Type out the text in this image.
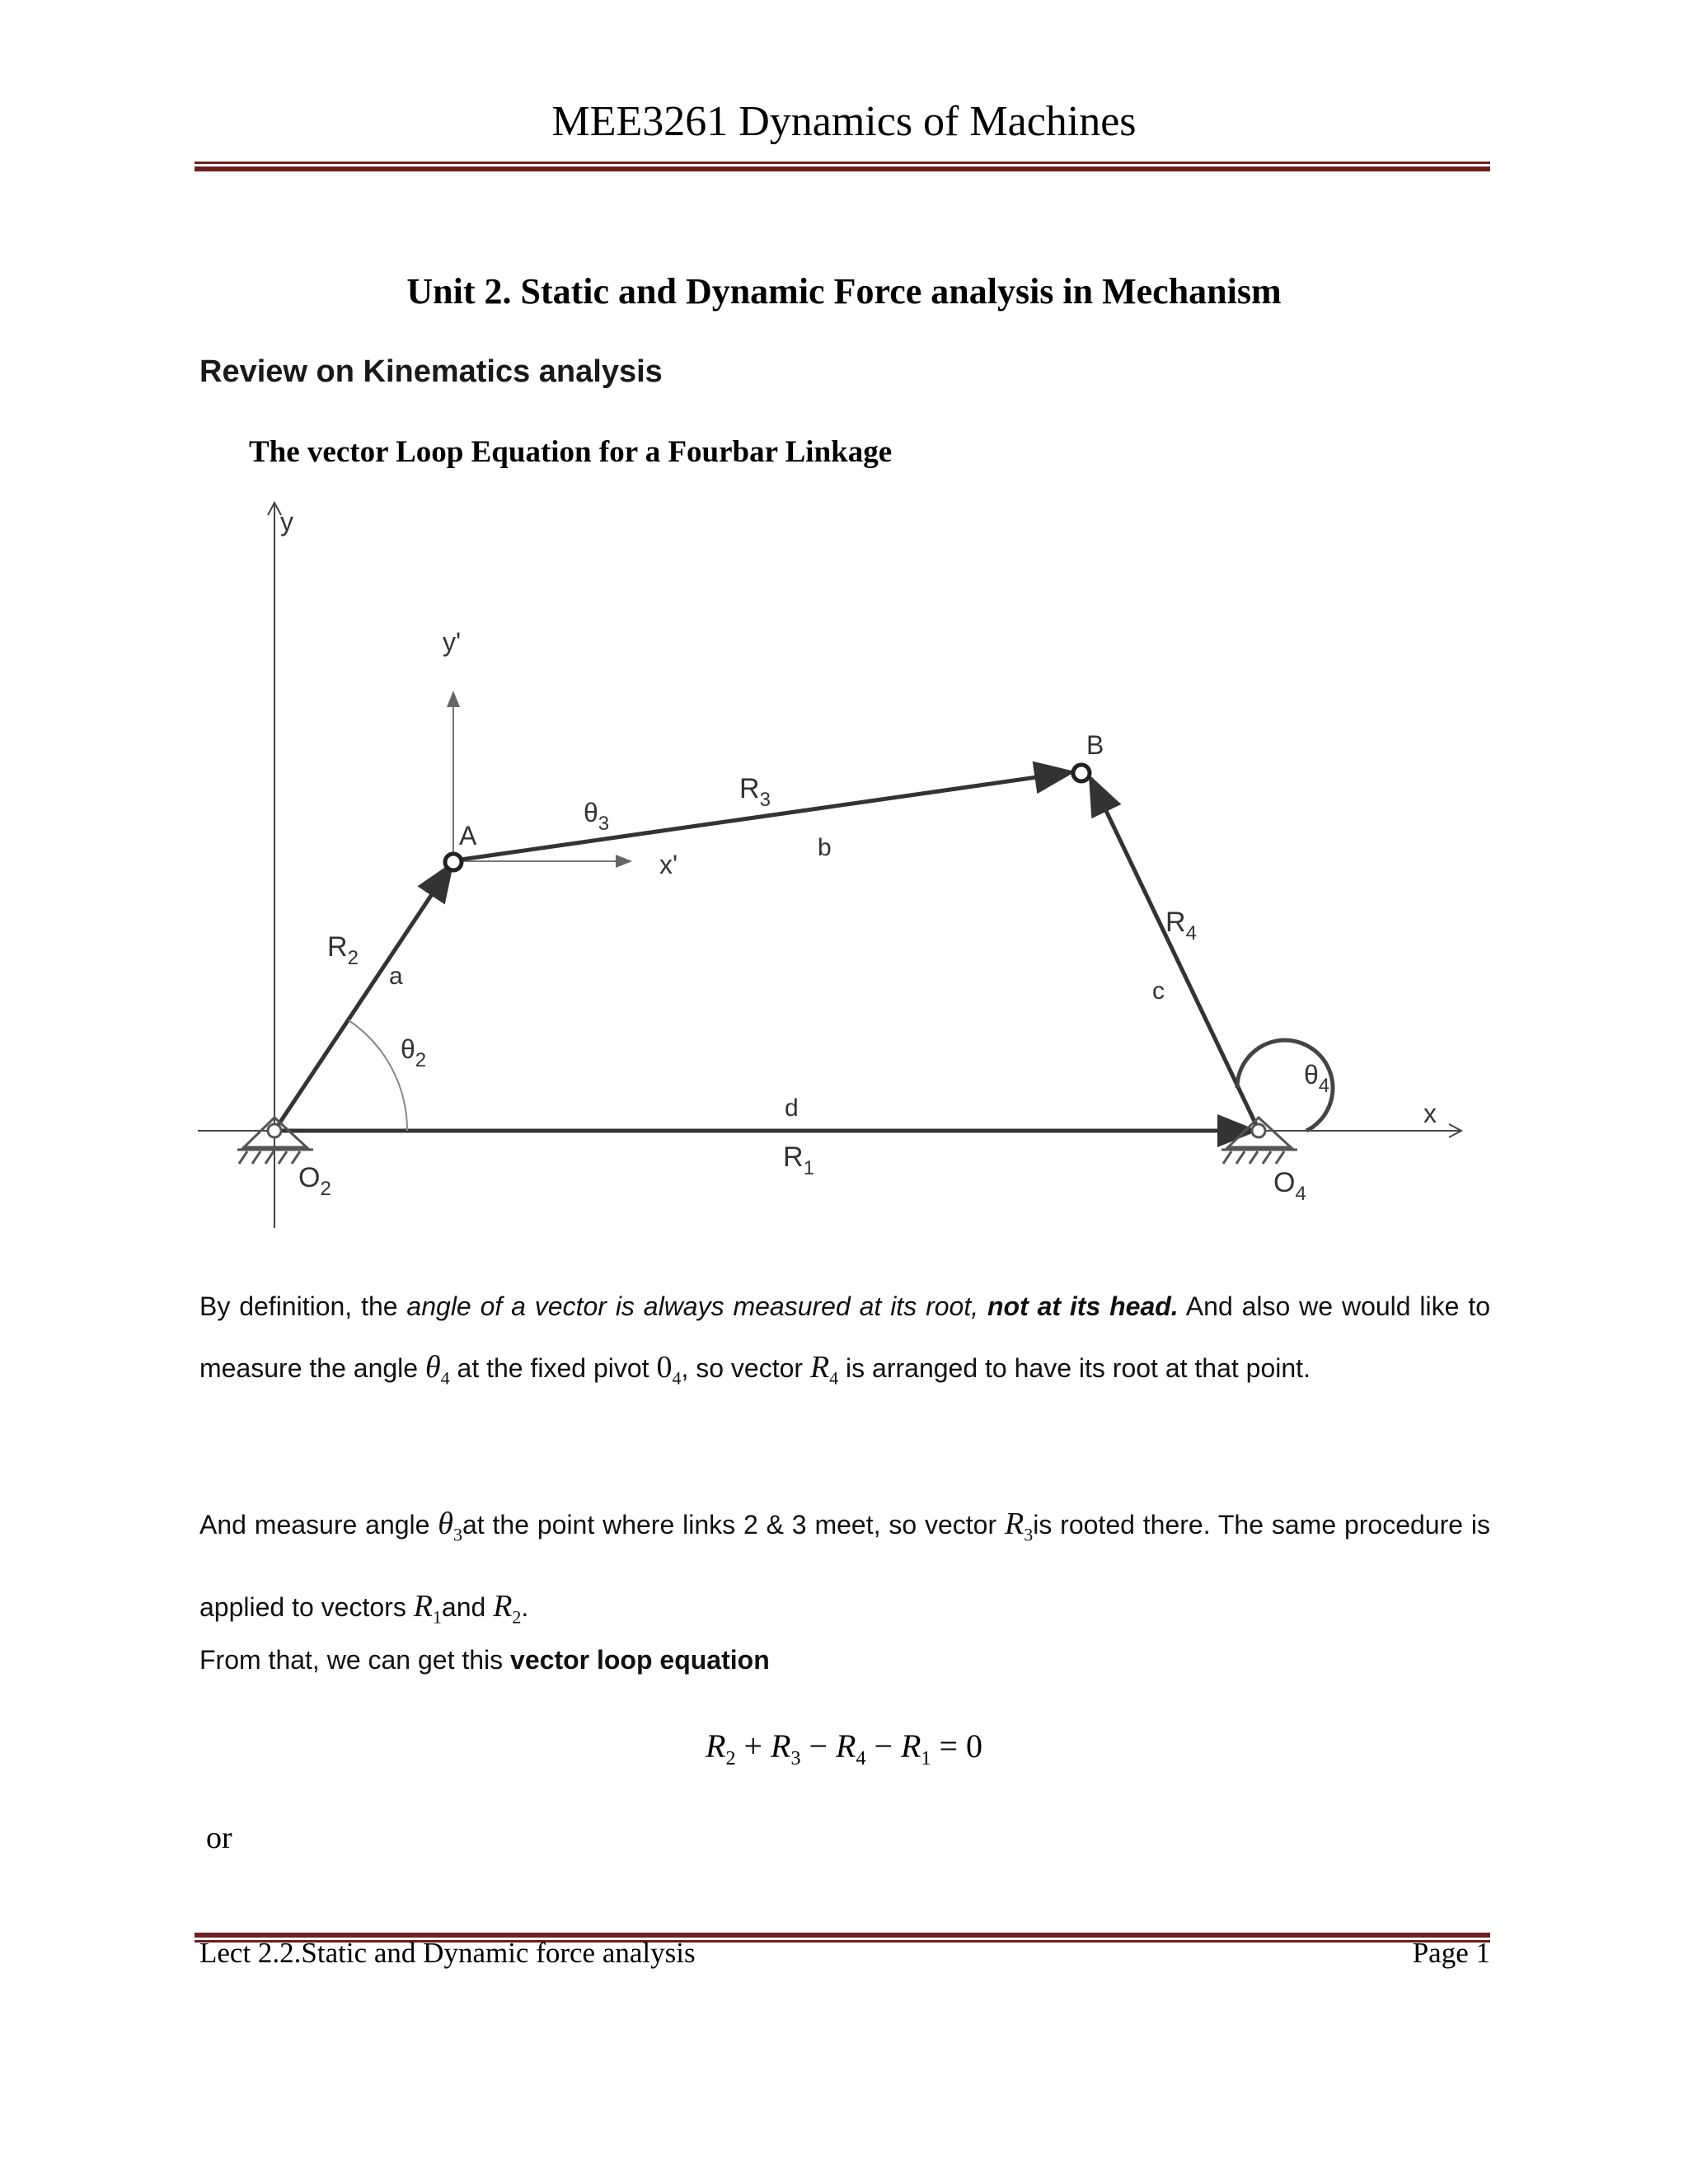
MEE3261 Dynamics of Machines
Unit 2. Static and Dynamic Force analysis in Mechanism
Review on Kinematics analysis
The vector Loop Equation for a Fourbar Linkage
y
x
y'
x'
A
B
$O_2$	$O_4$
$R_1$
$R_2$
$R_3$
$R_4$
a
b
c
d
$\theta_2$
$\theta_3$
$\theta_4$
By definition, the angle of a vector is always measured at its root, not at its head. And also we would like to measure the angle $\theta_4$ at the fixed pivot $0_4$, so vector $R_4$ is arranged to have its root at that point.
And measure angle $\theta_3at$ the point where links 2 & 3 meet, so vector $R_3is$ rooted there. The same procedure is applied to vectors $R_1and$ $R_2$.
From that, we can get this vector loop equation
$R_2 + R_3 - R_4 - R_1 = 0$
or
Lect 2.2.Static and Dynamic force analysis	Page 1
